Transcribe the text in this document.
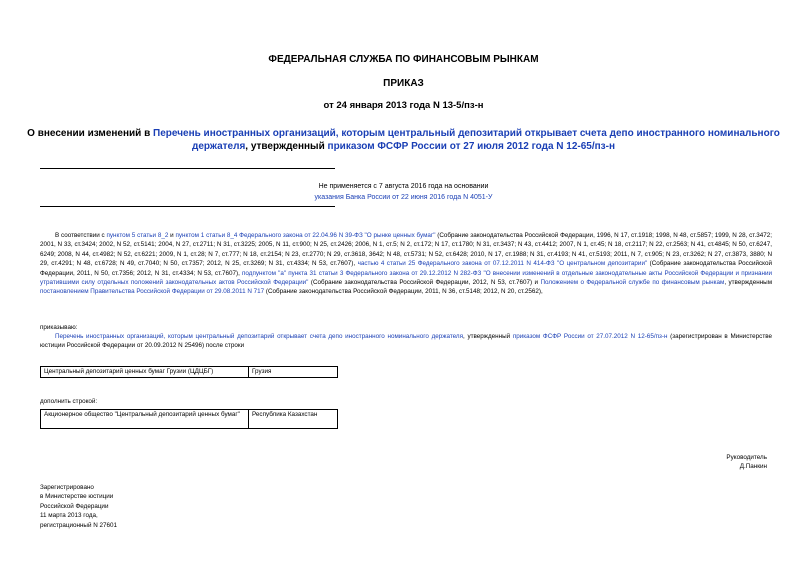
ФЕДЕРАЛЬНАЯ СЛУЖБА ПО ФИНАНСОВЫМ РЫНКАМ
ПРИКАЗ
от 24 января 2013 года N 13-5/пз-н
О внесении изменений в Перечень иностранных организаций, которым центральный депозитарий открывает счета депо иностранного номинального держателя, утвержденный приказом ФСФР России от 27 июля 2012 года N 12-65/пз-н
Не применяется с 7 августа 2016 года на основании
указания Банка России от 22 июня 2016 года N 4051-У

В соответствии с пунктом 5 статьи 8_2 и пунктом 1 статьи 8_4 Федерального закона от 22.04.96 N 39-ФЗ "О рынке ценных бумаг" (Собрание законодательства Российской Федерации, 1996, N 17, ст.1918; 1998, N 48, ст.5857; 1999, N 28, ст.3472; 2001, N 33, ст.3424; 2002, N 52, ст.5141; 2004, N 27, ст.2711; N 31, ст.3225; 2005, N 11, ст.900; N 25, ст.2426; 2006, N 1, ст.5; N 2, ст.172; N 17, ст.1780; N 31, ст.3437; N 43, ст.4412; 2007, N 1, ст.45; N 18, ст.2117; N 22, ст.2563; N 41, ст.4845; N 50, ст.6247, 6249; 2008, N 44, ст.4982; N 52, ст.6221; 2009, N 1, ст.28; N 7, ст.777; N 18, ст.2154; N 23, ст.2770; N 29, ст.3618, 3642; N 48, ст.5731; N 52, ст.6428; 2010, N 17, ст.1988; N 31, ст.4193; N 41, ст.5193; 2011, N 7, ст.905; N 23, ст.3262; N 27, ст.3873, 3880; N 29, ст.4291; N 48, ст.6728; N 49, ст.7040; N 50, ст.7357; 2012, N 25, ст.3269; N 31, ст.4334; N 53, ст.7607), частью 4 статьи 25 Федерального закона от 07.12.2011 N 414-ФЗ "О центральном депозитарии" (Собрание законодательства Российской Федерации, 2011, N 50, ст.7356; 2012, N 31, ст.4334; N 53, ст.7607), подпунктом "а" пункта 31 статьи 3 Федерального закона от 29.12.2012 N 282-ФЗ "О внесении изменений в отдельные законодательные акты Российской Федерации и признании утратившими силу отдельных положений законодательных актов Российской Федерации" (Собрание законодательства Российской Федерации, 2012, N 53, ст.7607) и Положением о Федеральной службе по финансовым рынкам, утвержденным постановлением Правительства Российской Федерации от 29.08.2011 N 717 (Собрание законодательства Российской Федерации, 2011, N 36, ст.5148; 2012, N 20, ст.2562),

приказываю:
Перечень иностранных организаций, которым центральный депозитарий открывает счета депо иностранного номинального держателя, утвержденный приказом ФСФР России от 27.07.2012 N 12-65/пз-н (зарегистрирован в Министерстве юстиции Российской Федерации от 20.09.2012 N 25496) после строки
Центральный депозитарий ценных бумаг Грузии (ЦДЦБГ)	Грузия
дополнить строкой:
Акционерное общество "Центральный депозитарий ценных бумаг"	Республика Казахстан
Руководитель
Д.Панкин
Зарегистрировано
в Министерстве юстиции
Российской Федерации
11 марта 2013 года,
регистрационный N 27601
